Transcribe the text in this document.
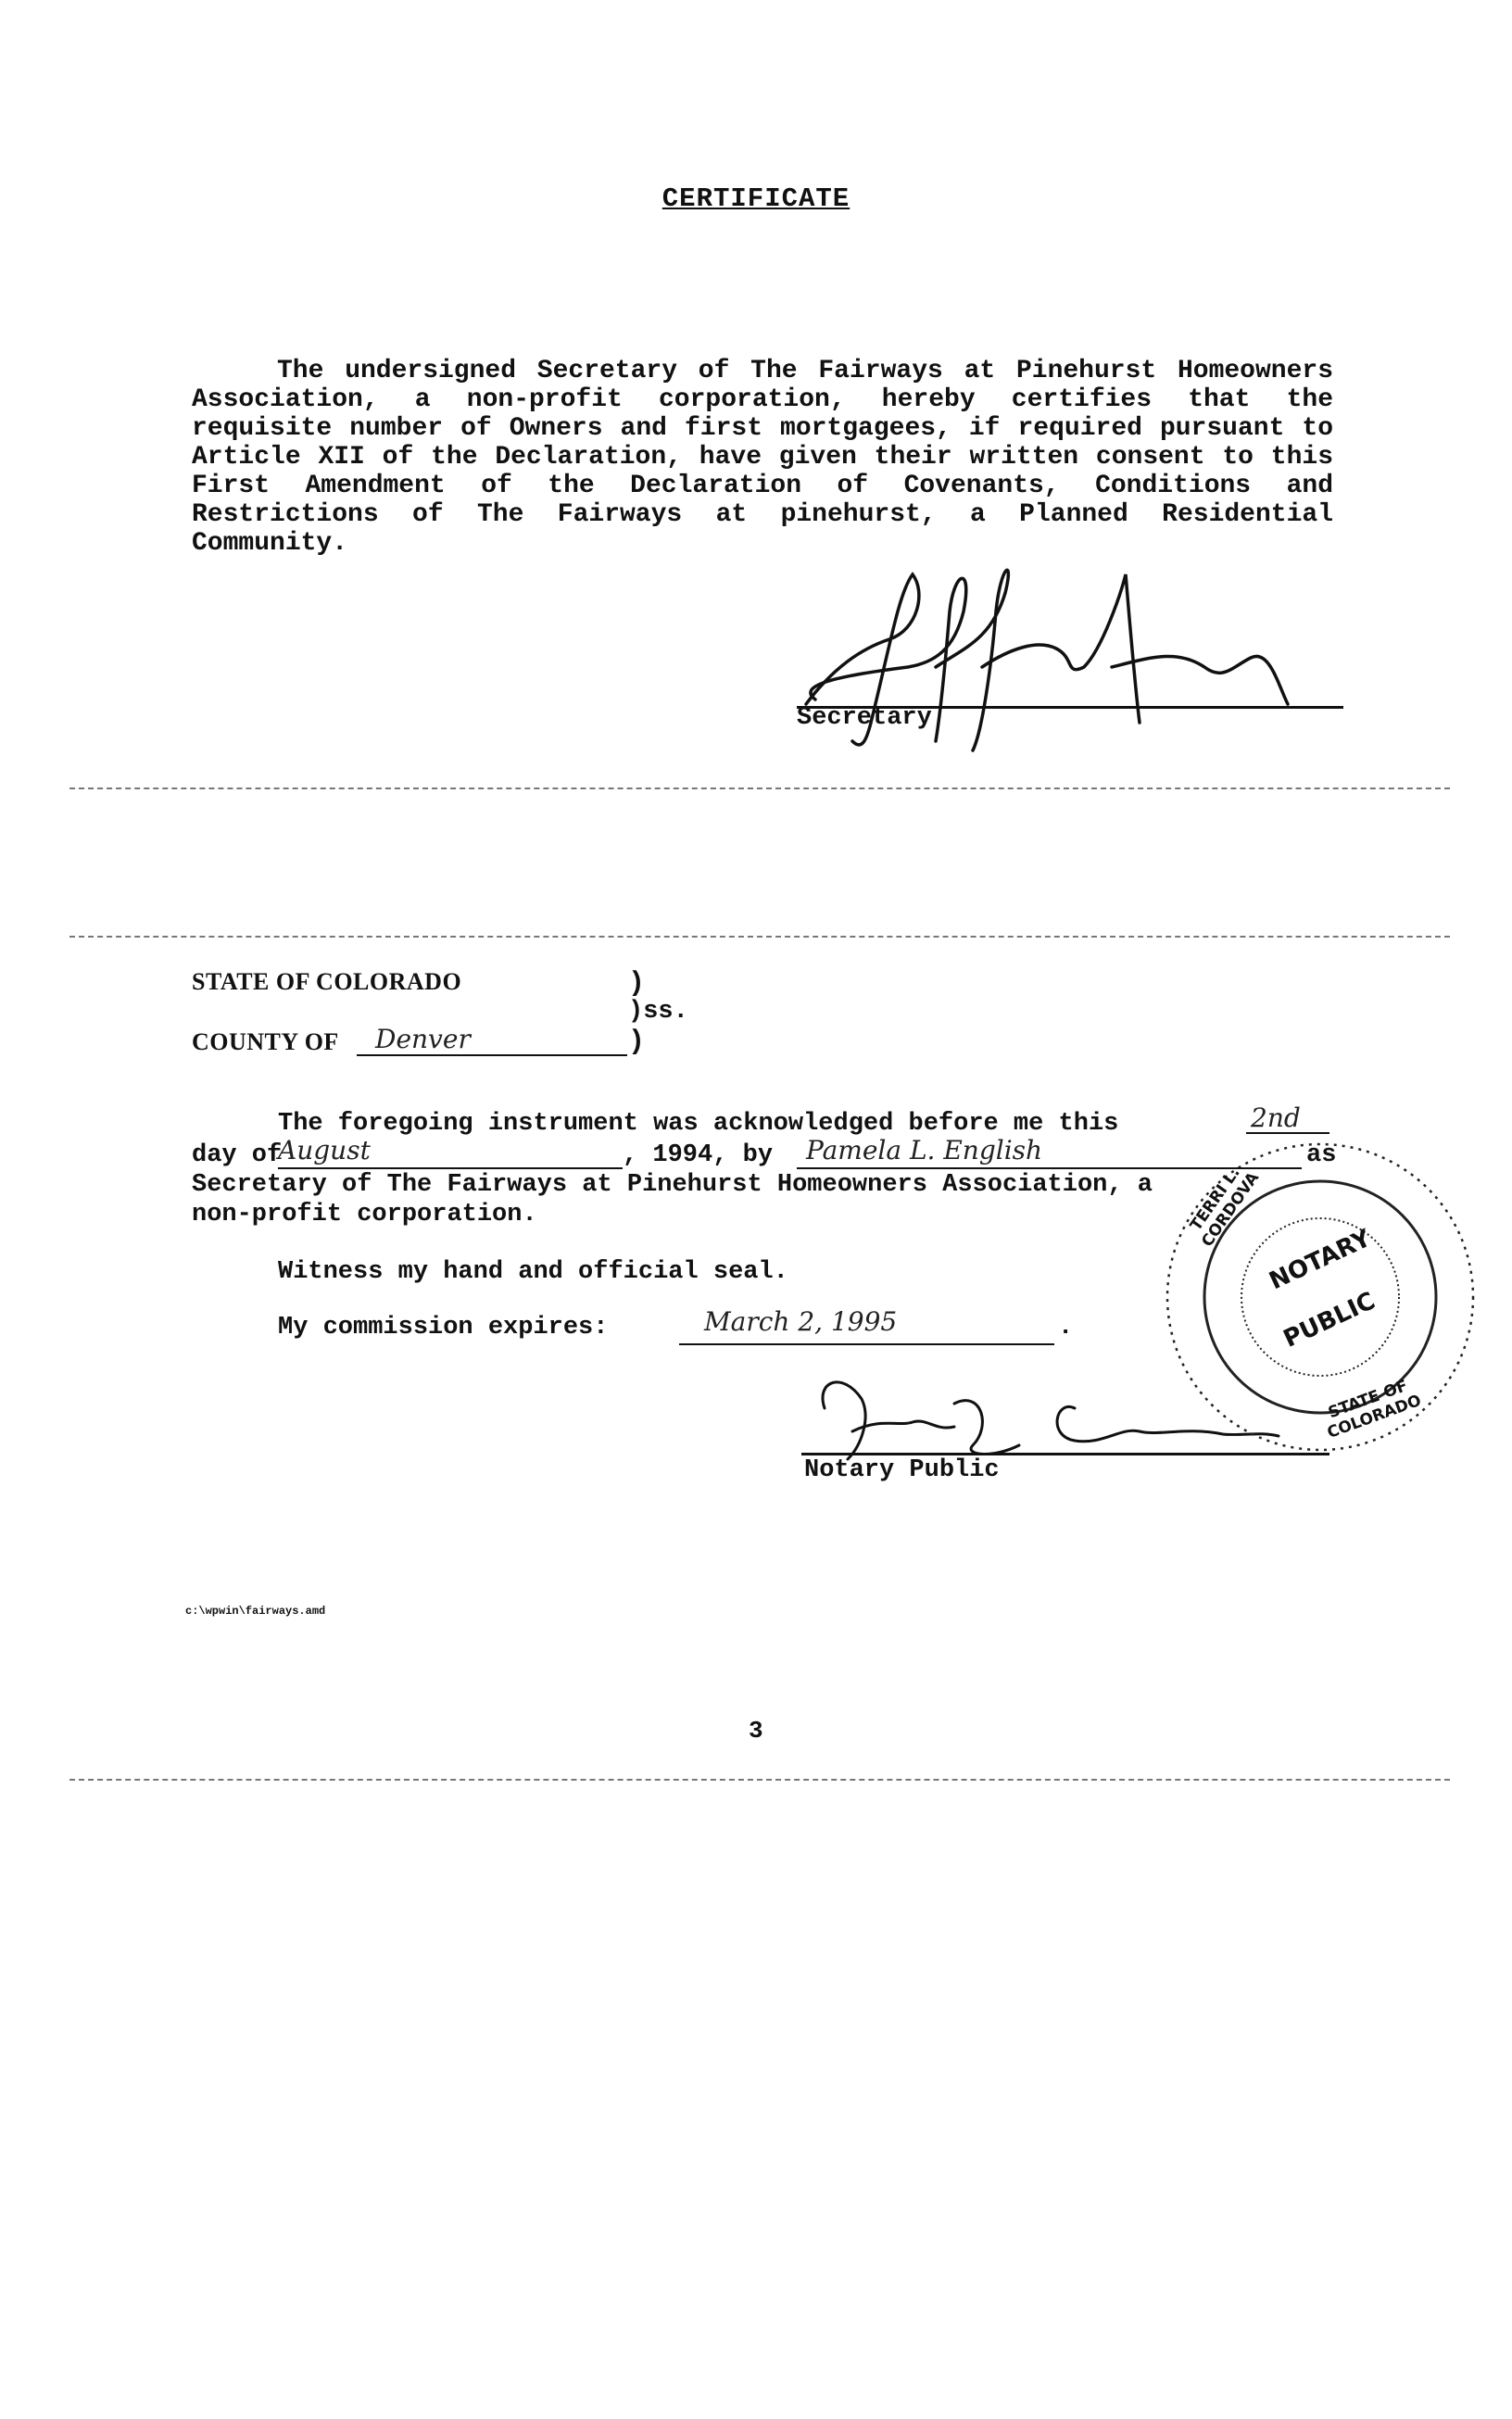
CERTIFICATE

The undersigned Secretary of The Fairways at Pinehurst Homeowners Association, a non-profit corporation, hereby certifies that the requisite number of Owners and first mortgagees, if required pursuant to Article XII of the Declaration, have given their written consent to this First Amendment of the Declaration of Covenants, Conditions and Restrictions of The Fairways at pinehurst, a Planned Residential Community.

Secretary
STATE OF COLORADO	)
)ss.
COUNTY OF Denver	)
The foregoing instrument was acknowledged before me this	2nd
day of
August	, 1994, by Pamela L. English	as
Secretary of The Fairways at Pinehurst Homeowners Association, a
non-profit corporation.
Witness my hand and official seal.
My commission expires:	March 2, 1995	.
Notary Public
NOTARY
PUBLIC
TERRI L. CORDOVA
STATE OF COLORADO
c:\wpwin\fairways.amd
3
